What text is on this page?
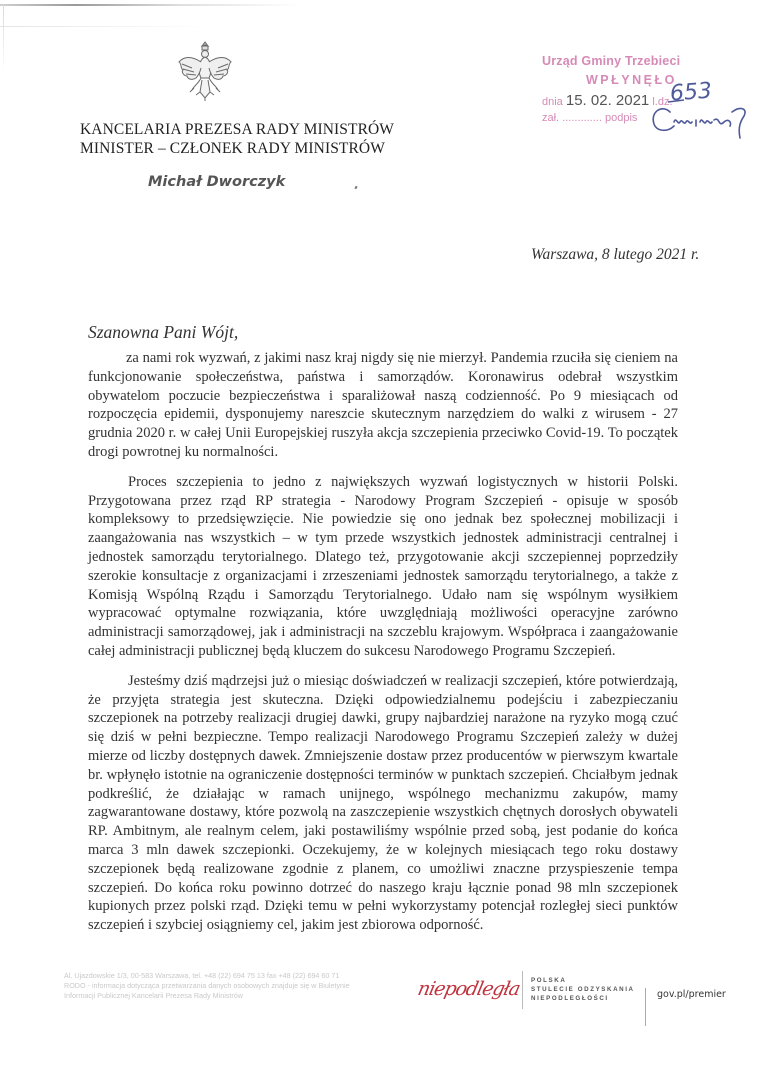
KANCELARIA PREZESA RADY MINISTRÓW
MINISTER – CZŁONEK RADY MINISTRÓW
Michał Dworczyk
Urząd Gminy Trzebieci
WPŁYNĘŁO
dnia 15. 02. 2021 l.dz.
653
zał. ............. podpis
Warszawa, 8 lutego 2021 r.
Szanowna Pani Wójt,

za nami rok wyzwań, z jakimi nasz kraj nigdy się nie mierzył. Pandemia rzuciła się cieniem na funkcjonowanie społeczeństwa, państwa i samorządów. Koronawirus odebrał wszystkim obywatelom poczucie bezpieczeństwa i sparaliżował naszą codzienność. Po 9 miesiącach od rozpoczęcia epidemii, dysponujemy nareszcie skutecznym narzędziem do walki z wirusem - 27 grudnia 2020 r. w całej Unii Europejskiej ruszyła akcja szczepienia przeciwko Covid-19. To początek drogi powrotnej ku normalności.

Proces szczepienia to jedno z największych wyzwań logistycznych w historii Polski. Przygotowana przez rząd RP strategia - Narodowy Program Szczepień - opisuje w sposób kompleksowy to przedsięwzięcie. Nie powiedzie się ono jednak bez społecznej mobilizacji i zaangażowania nas wszystkich – w tym przede wszystkich jednostek administracji centralnej i jednostek samorządu terytorialnego. Dlatego też, przygotowanie akcji szczepiennej poprzedziły szerokie konsultacje z organizacjami i zrzeszeniami jednostek samorządu terytorialnego, a także z Komisją Wspólną Rządu i Samorządu Terytorialnego. Udało nam się wspólnym wysiłkiem wypracować optymalne rozwiązania, które uwzględniają możliwości operacyjne zarówno administracji samorządowej, jak i administracji na szczeblu krajowym. Współpraca i zaangażowanie całej administracji publicznej będą kluczem do sukcesu Narodowego Programu Szczepień.

Jesteśmy dziś mądrzejsi już o miesiąc doświadczeń w realizacji szczepień, które potwierdzają, że przyjęta strategia jest skuteczna. Dzięki odpowiedzialnemu podejściu i zabezpieczaniu szczepionek na potrzeby realizacji drugiej dawki, grupy najbardziej narażone na ryzyko mogą czuć się dziś w pełni bezpieczne. Tempo realizacji Narodowego Programu Szczepień zależy w dużej mierze od liczby dostępnych dawek. Zmniejszenie dostaw przez producentów w pierwszym kwartale br. wpłynęło istotnie na ograniczenie dostępności terminów w punktach szczepień. Chciałbym jednak podkreślić, że działając w ramach unijnego, wspólnego mechanizmu zakupów, mamy zagwarantowane dostawy, które pozwolą na zaszczepienie wszystkich chętnych dorosłych obywateli RP. Ambitnym, ale realnym celem, jaki postawiliśmy wspólnie przed sobą, jest podanie do końca marca 3 mln dawek szczepionki. Oczekujemy, że w kolejnych miesiącach tego roku dostawy szczepionek będą realizowane zgodnie z planem, co umożliwi znaczne przyspieszenie tempa szczepień. Do końca roku powinno dotrzeć do naszego kraju łącznie ponad 98 mln szczepionek kupionych przez polski rząd. Dzięki temu w pełni wykorzystamy potencjał rozległej sieci punktów szczepień i szybciej osiągniemy cel, jakim jest zbiorowa odporność.

Al. Ujazdowskie 1/3, 00-583 Warszawa, tel. +48 (22) 694 75 13 fax +48 (22) 694 60 71
RODO - informacja dotycząca przetwarzania danych osobowych znajduje się w Biuletynie
Informacji Publicznej Kancelarii Prezesa Rady Ministrów	niepodległa POLSKA
STULECIE ODZYSKANIA
NIEPODLEGŁOŚCI	gov.pl/premier
